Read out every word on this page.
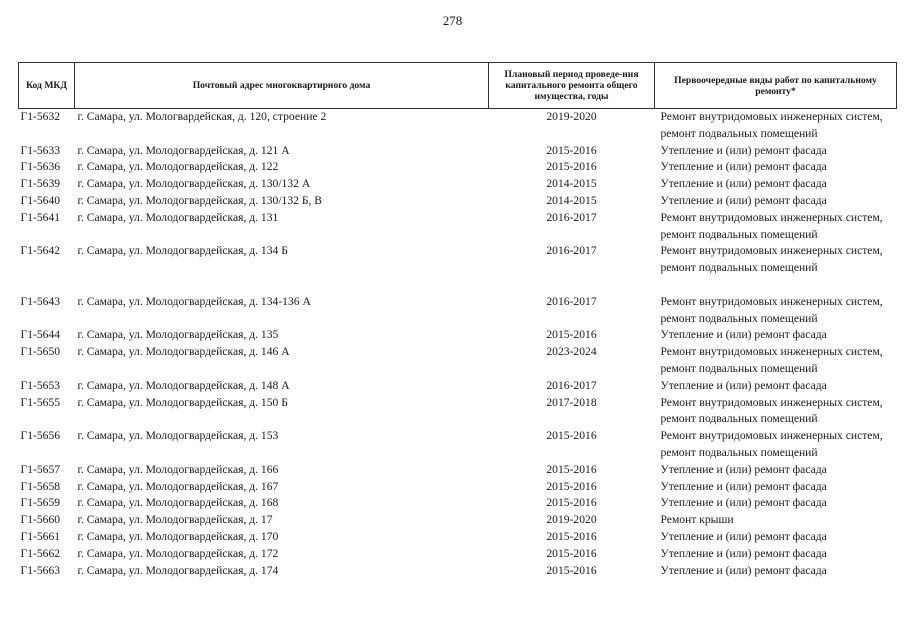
278
Код МКД	Почтовый адрес многоквартирного дома	Плановый период проведе-ния капитального ремонта общего имущества, годы	Первоочередные виды работ по капитальному ремонту*
Г1-5632	г. Самара, ул. Мологвардейская, д. 120, строение 2	2019-2020	Ремонт внутридомовых инженерных систем,
ремонт подвальных помещений

Г1-5633	г. Самара, ул. Молодогвардейская, д. 121 А	2015-2016	Утепление и (или) ремонт фасада

Г1-5636	г. Самара, ул. Молодогвардейская, д. 122	2015-2016	Утепление и (или) ремонт фасада

Г1-5639	г. Самара, ул. Молодогвардейская, д. 130/132 А	2014-2015	Утепление и (или) ремонт фасада

Г1-5640	г. Самара, ул. Молодогвардейская, д. 130/132 Б, В	2014-2015	Утепление и (или) ремонт фасада

Г1-5641	г. Самара, ул. Молодогвардейская, д. 131	2016-2017	Ремонт внутридомовых инженерных систем,
ремонт подвальных помещений

Г1-5642	г. Самара, ул. Молодогвардейская, д. 134 Б	2016-2017	Ремонт внутридомовых инженерных систем,
ремонт подвальных помещений

Г1-5643	г. Самара, ул. Молодогвардейская, д. 134-136 А	2016-2017	Ремонт внутридомовых инженерных систем,
ремонт подвальных помещений

Г1-5644	г. Самара, ул. Молодогвардейская, д. 135	2015-2016	Утепление и (или) ремонт фасада

Г1-5650	г. Самара, ул. Молодогвардейская, д. 146 А	2023-2024	Ремонт внутридомовых инженерных систем,
ремонт подвальных помещений

Г1-5653	г. Самара, ул. Молодогвардейская, д. 148 А	2016-2017	Утепление и (или) ремонт фасада

Г1-5655	г. Самара, ул. Молодогвардейская, д. 150 Б	2017-2018	Ремонт внутридомовых инженерных систем,
ремонт подвальных помещений

Г1-5656	г. Самара, ул. Молодогвардейская, д. 153	2015-2016	Ремонт внутридомовых инженерных систем,
ремонт подвальных помещений

Г1-5657	г. Самара, ул. Молодогвардейская, д. 166	2015-2016	Утепление и (или) ремонт фасада

Г1-5658	г. Самара, ул. Молодогвардейская, д. 167	2015-2016	Утепление и (или) ремонт фасада

Г1-5659	г. Самара, ул. Молодогвардейская, д. 168	2015-2016	Утепление и (или) ремонт фасада

Г1-5660	г. Самара, ул. Молодогвардейская, д. 17	2019-2020	Ремонт крыши

Г1-5661	г. Самара, ул. Молодогвардейская, д. 170	2015-2016	Утепление и (или) ремонт фасада

Г1-5662	г. Самара, ул. Молодогвардейская, д. 172	2015-2016	Утепление и (или) ремонт фасада

Г1-5663	г. Самара, ул. Молодогвардейская, д. 174	2015-2016	Утепление и (или) ремонт фасада
